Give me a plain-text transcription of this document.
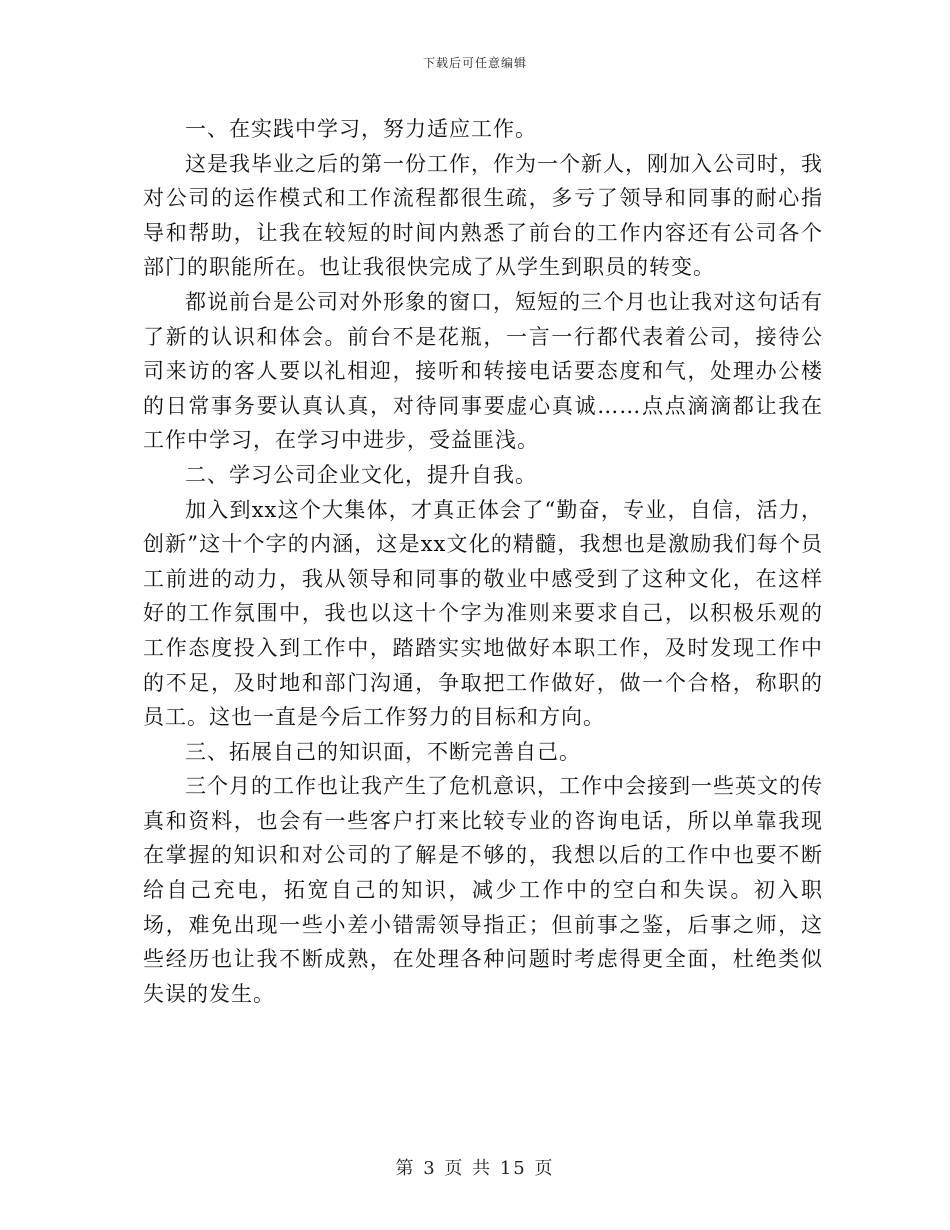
下载后可任意编辑

一、在实践中学习，努力适应工作。

这是我毕业之后的第一份工作，作为一个新人，刚加入公司时，我对公司的运作模式和工作流程都很生疏，多亏了领导和同事的耐心指导和帮助，让我在较短的时间内熟悉了前台的工作内容还有公司各个部门的职能所在。也让我很快完成了从学生到职员的转变。

都说前台是公司对外形象的窗口，短短的三个月也让我对这句话有了新的认识和体会。前台不是花瓶，一言一行都代表着公司，接待公司来访的客人要以礼相迎，接听和转接电话要态度和气，处理办公楼的日常事务要认真认真，对待同事要虚心真诚……点点滴滴都让我在工作中学习，在学习中进步，受益匪浅。

二、学习公司企业文化，提升自我。

加入到xx这个大集体，才真正体会了“勤奋，专业，自信，活力，创新”这十个字的内涵，这是xx文化的精髓，我想也是激励我们每个员工前进的动力，我从领导和同事的敬业中感受到了这种文化，在这样好的工作氛围中，我也以这十个字为准则来要求自己，以积极乐观的工作态度投入到工作中，踏踏实实地做好本职工作，及时发现工作中的不足，及时地和部门沟通，争取把工作做好，做一个合格，称职的员工。这也一直是今后工作努力的目标和方向。

三、拓展自己的知识面，不断完善自己。

三个月的工作也让我产生了危机意识，工作中会接到一些英文的传真和资料，也会有一些客户打来比较专业的咨询电话，所以单靠我现在掌握的知识和对公司的了解是不够的，我想以后的工作中也要不断给自己充电，拓宽自己的知识，减少工作中的空白和失误。初入职场，难免出现一些小差小错需领导指正；但前事之鉴，后事之师，这些经历也让我不断成熟，在处理各种问题时考虑得更全面，杜绝类似失误的发生。

第 3 页 共 15 页
